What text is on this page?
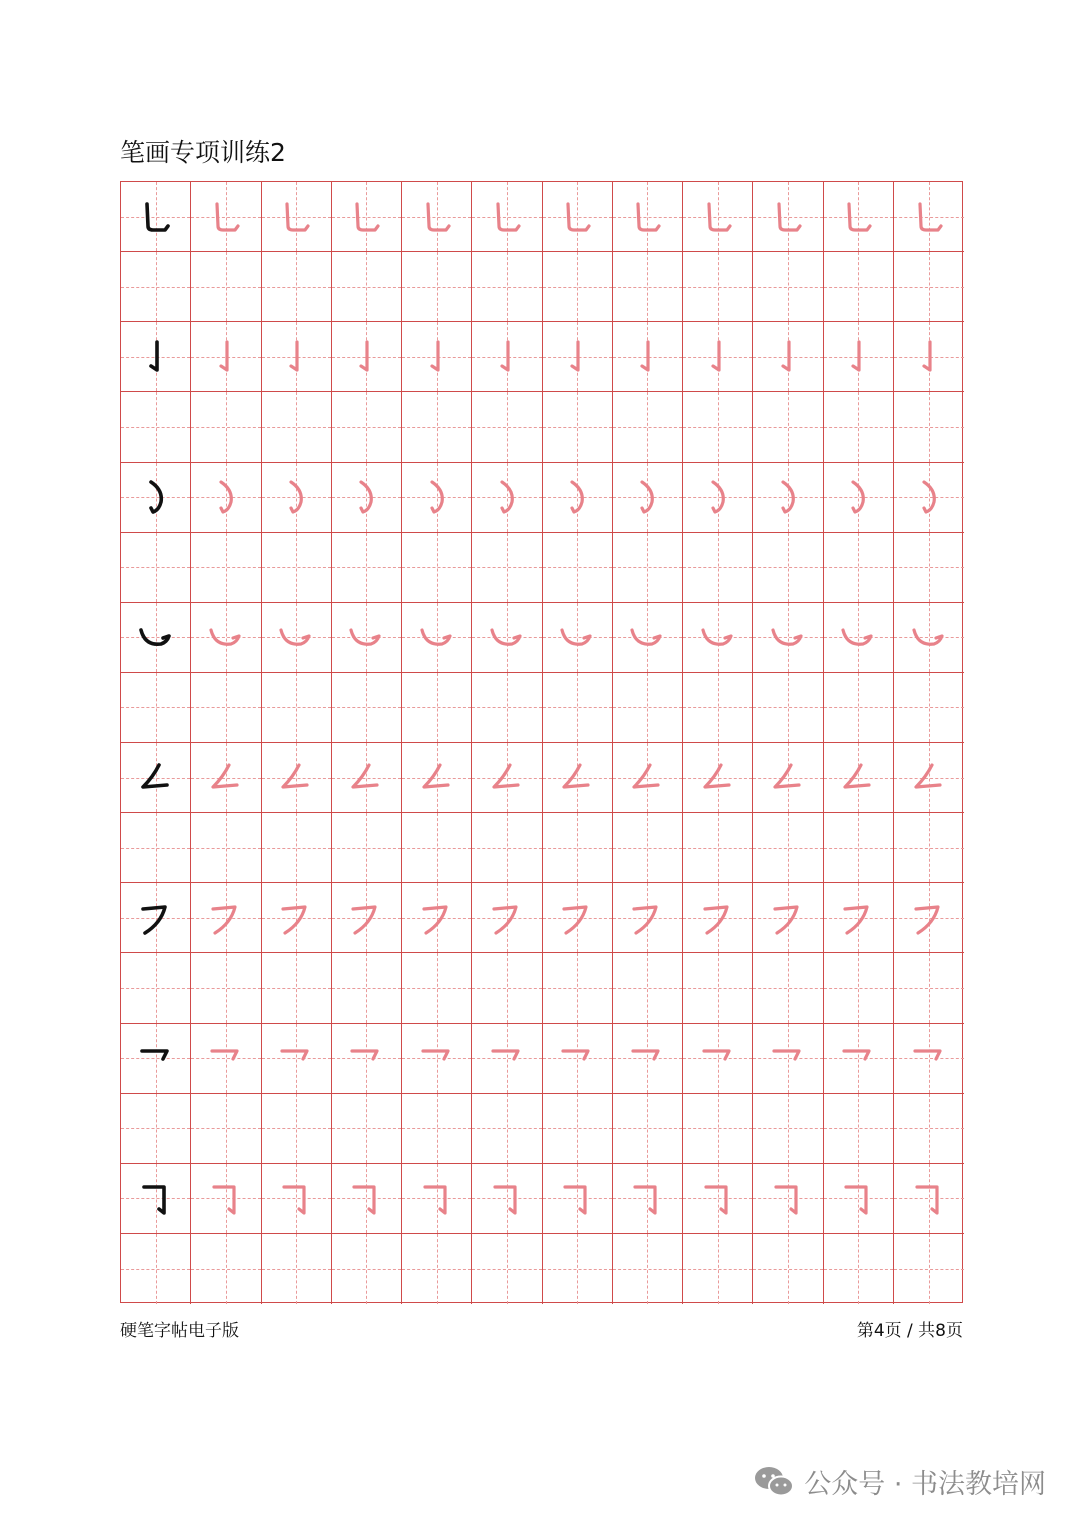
笔画专项训练2
硬笔字帖电子版	第4页 / 共8页
公众号 · 书法教培网
